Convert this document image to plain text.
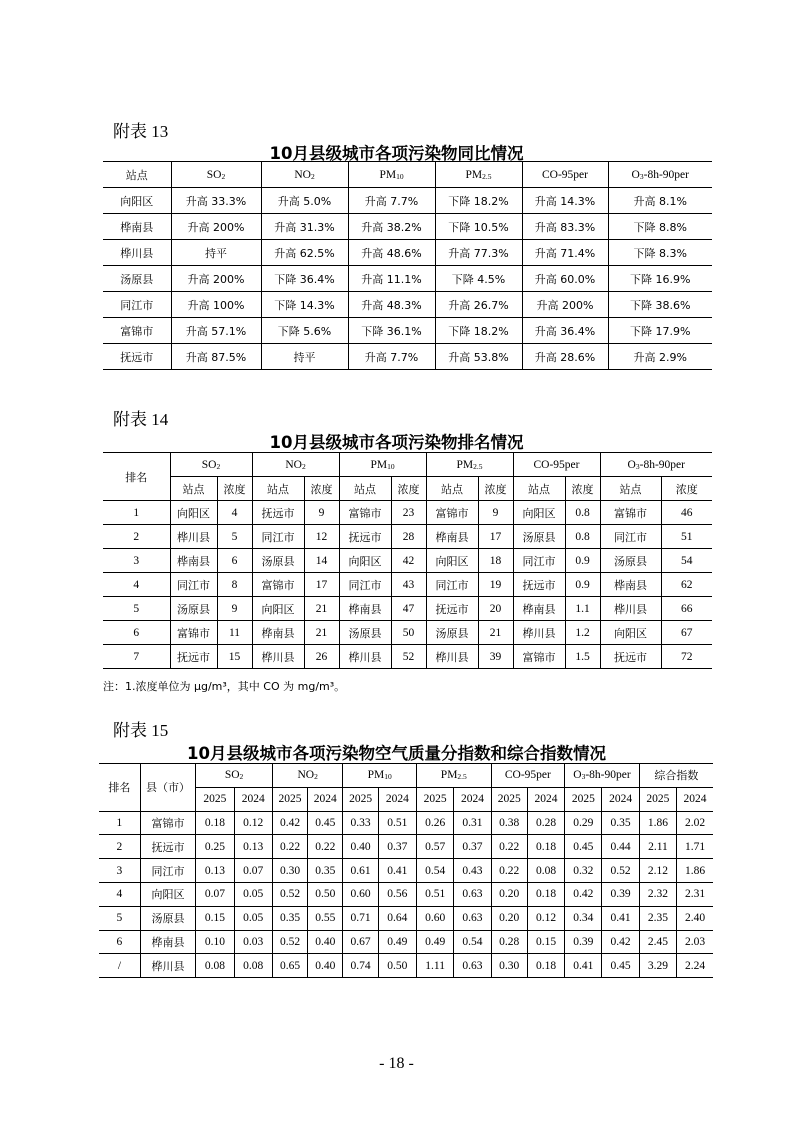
附表 13
10月县级城市各项污染物同比情况
站点	$SO_2$	$NO_2$	$PM_{10}$	$PM_{2.5}$	CO-95per	$O_3-8h-90per$
向阳区	升高 33.3%	升高 5.0%	升高 7.7%	下降 18.2%	升高 14.3%	升高 8.1%
桦南县	升高 200%	升高 31.3%	升高 38.2%	下降 10.5%	升高 83.3%	下降 8.8%
桦川县	持平	升高 62.5%	升高 48.6%	升高 77.3%	升高 71.4%	下降 8.3%
汤原县	升高 200%	下降 36.4%	升高 11.1%	下降 4.5%	升高 60.0%	下降 16.9%
同江市	升高 100%	下降 14.3%	升高 48.3%	升高 26.7%	升高 200%	下降 38.6%
富锦市	升高 57.1%	下降 5.6%	下降 36.1%	下降 18.2%	升高 36.4%	下降 17.9%
抚远市	升高 87.5%	持平	升高 7.7%	升高 53.8%	升高 28.6%	升高 2.9%
附表 14
10月县级城市各项污染物排名情况
排名	$SO_2$		$NO_2$		$PM_{10}$		$PM_{2.5}$		CO-95per		$O_3-8h-90per$	
	站点	浓度	站点	浓度	站点	浓度	站点	浓度	站点	浓度	站点	浓度
1	向阳区	4	抚远市	9	富锦市	23	富锦市	9	向阳区	0.8	富锦市	46
2	桦川县	5	同江市	12	抚远市	28	桦南县	17	汤原县	0.8	同江市	51
3	桦南县	6	汤原县	14	向阳区	42	向阳区	18	同江市	0.9	汤原县	54
4	同江市	8	富锦市	17	同江市	43	同江市	19	抚远市	0.9	桦南县	62
5	汤原县	9	向阳区	21	桦南县	47	抚远市	20	桦南县	1.1	桦川县	66
6	富锦市	11	桦南县	21	汤原县	50	汤原县	21	桦川县	1.2	向阳区	67
7	抚远市	15	桦川县	26	桦川县	52	桦川县	39	富锦市	1.5	抚远市	72
注：1.浓度单位为 μg/m³，其中 CO 为 mg/m³。
附表 15
10月县级城市各项污染物空气质量分指数和综合指数情况
排名	县（市）	$SO_2$		$NO_2$		$PM_{10}$		$PM_{2.5}$		CO-95per		$O_3-8h-90per$		综合指数	
		2025	2024	2025	2024	2025	2024	2025	2024	2025	2024	2025	2024	2025	2024
1	富锦市	0.18	0.12	0.42	0.45	0.33	0.51	0.26	0.31	0.38	0.28	0.29	0.35	1.86	2.02
2	抚远市	0.25	0.13	0.22	0.22	0.40	0.37	0.57	0.37	0.22	0.18	0.45	0.44	2.11	1.71
3	同江市	0.13	0.07	0.30	0.35	0.61	0.41	0.54	0.43	0.22	0.08	0.32	0.52	2.12	1.86
4	向阳区	0.07	0.05	0.52	0.50	0.60	0.56	0.51	0.63	0.20	0.18	0.42	0.39	2.32	2.31
5	汤原县	0.15	0.05	0.35	0.55	0.71	0.64	0.60	0.63	0.20	0.12	0.34	0.41	2.35	2.40
6	桦南县	0.10	0.03	0.52	0.40	0.67	0.49	0.49	0.54	0.28	0.15	0.39	0.42	2.45	2.03
/	桦川县	0.08	0.08	0.65	0.40	0.74	0.50	1.11	0.63	0.30	0.18	0.41	0.45	3.29	2.24
- 18 -
